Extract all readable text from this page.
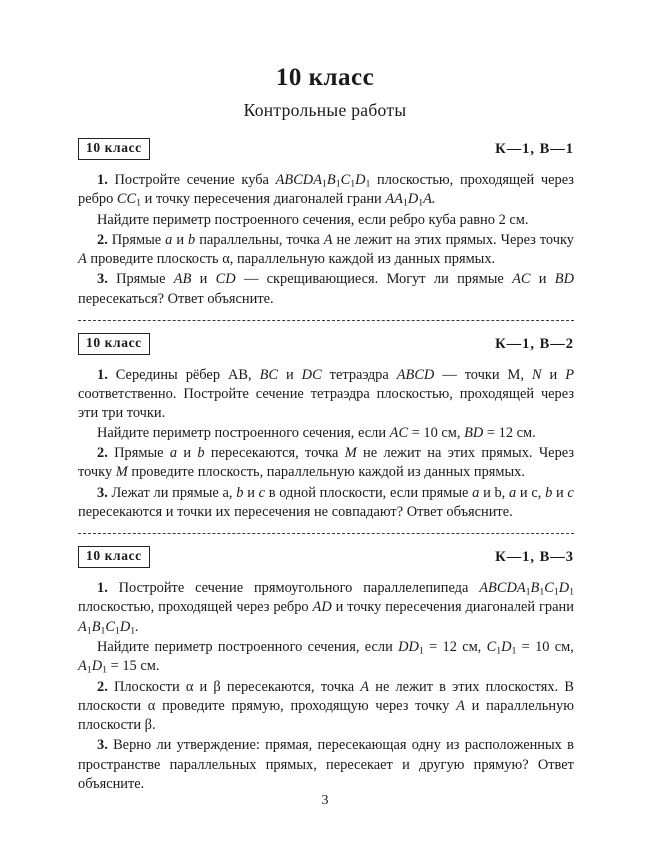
10 класс
Контрольные работы
10 класс	К—1, В—1

1. Постройте сечение куба $ABCDA_1B_1C_1D_1$ плоскостью, проходящей через ребро $CC_1$ и точку пересечения диагоналей грани $AA_1D_1A$.

Найдите периметр построенного сечения, если ребро куба равно 2 см.

2. Прямые a и b параллельны, точка A не лежит на этих прямых. Через точку A проведите плоскость α, параллельную каждой из данных прямых.

3. Прямые AB и CD — скрещивающиеся. Могут ли прямые AC и BD пересекаться? Ответ объясните.

10 класс	К—1, В—2

1. Середины рёбер AB, BC и DC тетраэдра ABCD — точки M, N и P соответственно. Постройте сечение тетраэдра плоскостью, проходящей через эти три точки.

Найдите периметр построенного сечения, если AC = 10 см, BD = 12 см.

2. Прямые a и b пересекаются, точка M не лежит на этих прямых. Через точку M проведите плоскость, параллельную каждой из данных прямых.

3. Лежат ли прямые a, b и c в одной плоскости, если прямые a и b, a и c, b и c пересекаются и точки их пересечения не совпадают? Ответ объясните.

10 класс	К—1, В—3

1. Постройте сечение прямоугольного параллелепипеда $ABCDA_1B_1C_1D_1$ плоскостью, проходящей через ребро AD и точку пересечения диагоналей грани $A_1B_1C_1D_1$.

Найдите периметр построенного сечения, если $DD_1 = 12$ см, $C_1D_1 = 10$ см, $A_1D_1 = 15$ см.

2. Плоскости α и β пересекаются, точка A не лежит в этих плоскостях. В плоскости α проведите прямую, проходящую через точку A и параллельную плоскости β.

3. Верно ли утверждение: прямая, пересекающая одну из расположенных в пространстве параллельных прямых, пересекает и другую прямую? Ответ объясните.

3
